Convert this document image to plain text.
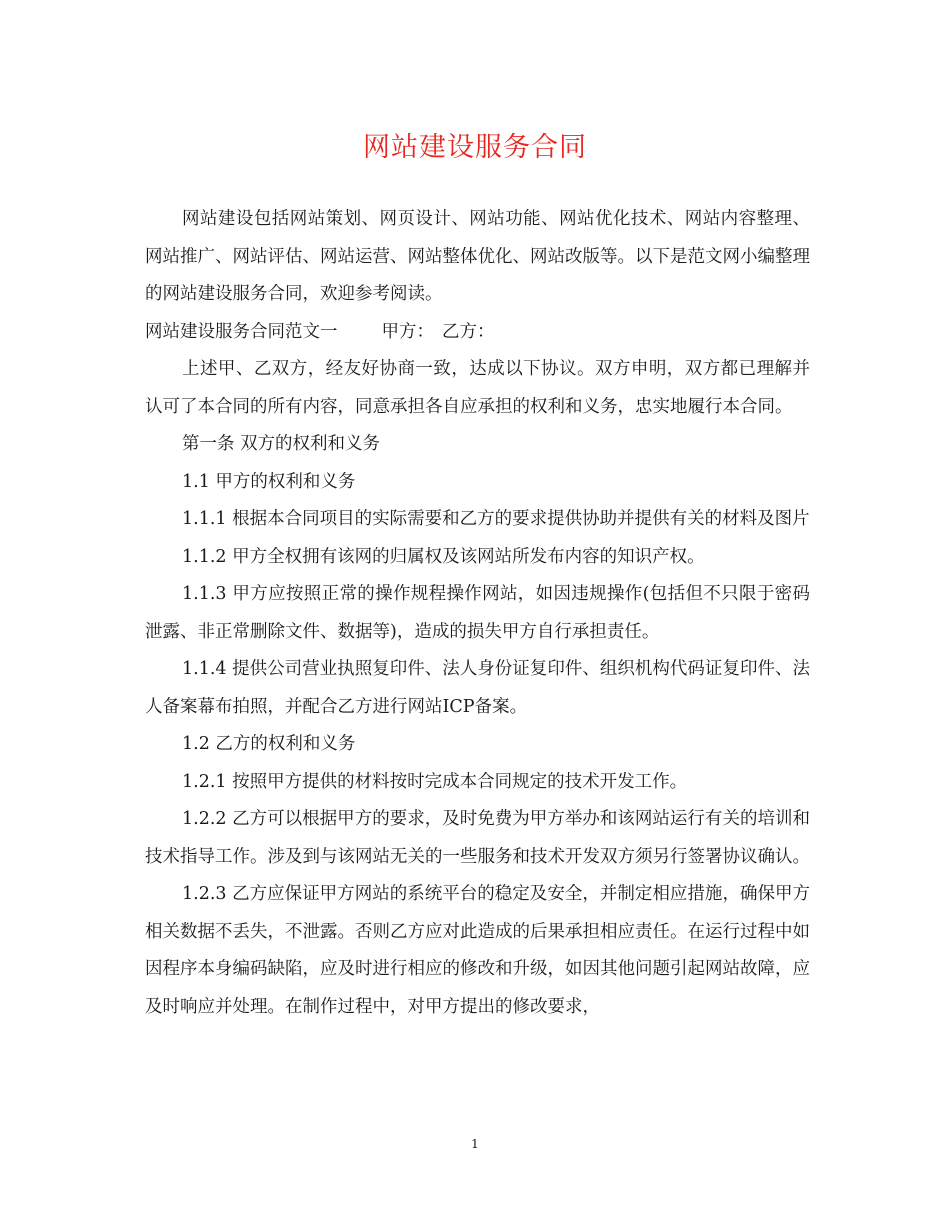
网站建设服务合同

网站建设包括网站策划、网页设计、网站功能、网站优化技术、网站内容整理、网站推广、网站评估、网站运营、网站整体优化、网站改版等。以下是范文网小编整理的网站建设服务合同，欢迎参考阅读。

网站建设服务合同范文一	甲方： 乙方：

上述甲、乙双方，经友好协商一致，达成以下协议。双方申明，双方都已理解并认可了本合同的所有内容，同意承担各自应承担的权利和义务，忠实地履行本合同。

第一条 双方的权利和义务

1.1 甲方的权利和义务

1.1.1 根据本合同项目的实际需要和乙方的要求提供协助并提供有关的材料及图片

1.1.2 甲方全权拥有该网的归属权及该网站所发布内容的知识产权。

1.1.3 甲方应按照正常的操作规程操作网站，如因违规操作(包括但不只限于密码泄露、非正常删除文件、数据等)，造成的损失甲方自行承担责任。

1.1.4 提供公司营业执照复印件、法人身份证复印件、组织机构代码证复印件、法人备案幕布拍照，并配合乙方进行网站ICP备案。

1.2 乙方的权利和义务

1.2.1 按照甲方提供的材料按时完成本合同规定的技术开发工作。

1.2.2 乙方可以根据甲方的要求，及时免费为甲方举办和该网站运行有关的培训和技术指导工作。涉及到与该网站无关的一些服务和技术开发双方须另行签署协议确认。

1.2.3 乙方应保证甲方网站的系统平台的稳定及安全，并制定相应措施，确保甲方相关数据不丢失，不泄露。否则乙方应对此造成的后果承担相应责任。在运行过程中如因程序本身编码缺陷，应及时进行相应的修改和升级，如因其他问题引起网站故障，应及时响应并处理。在制作过程中，对甲方提出的修改要求，

1
